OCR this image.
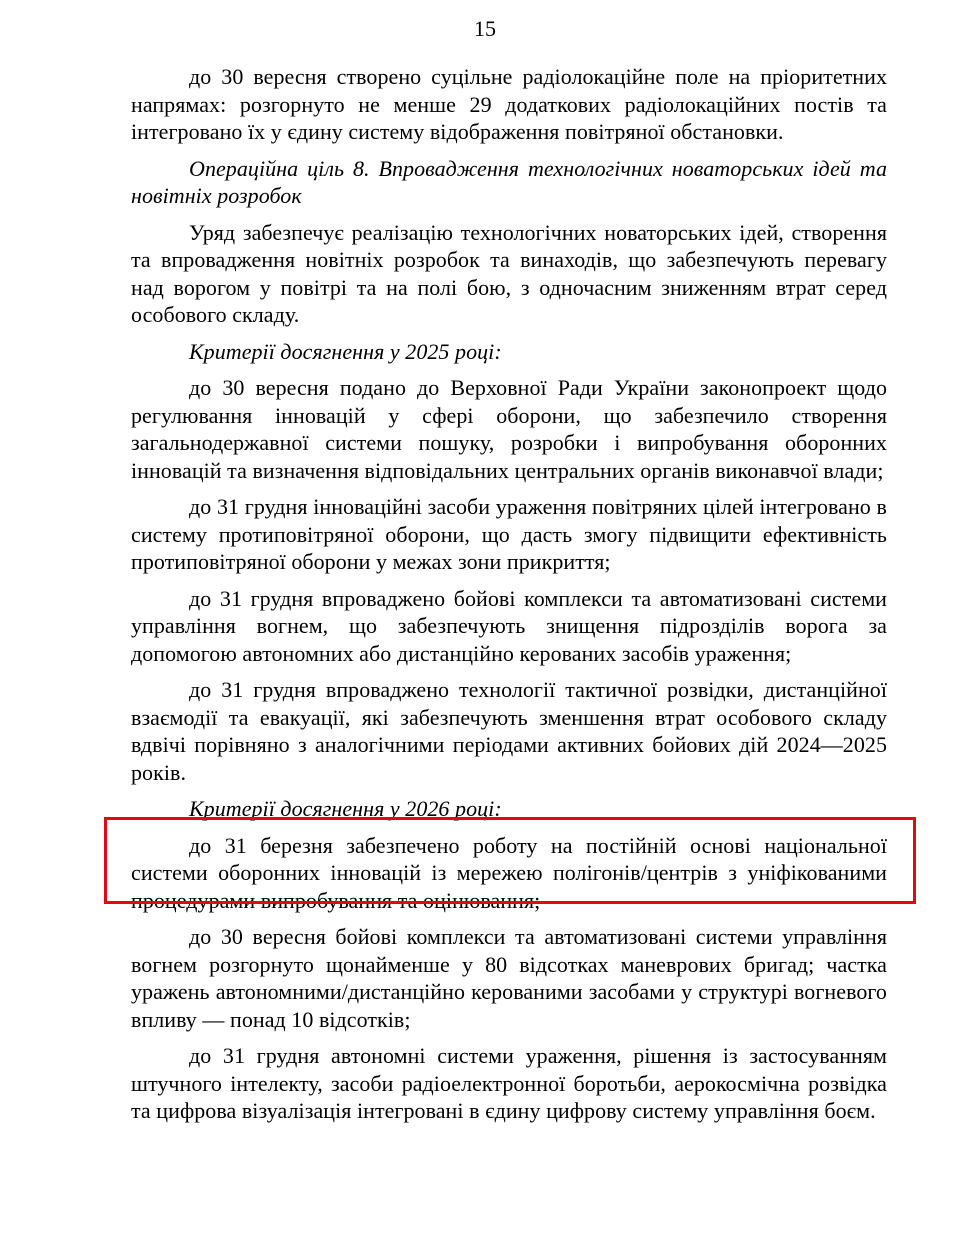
15

до 30 вересня створено суцільне радіолокаційне поле на пріоритетних напрямах: розгорнуто не менше 29 додаткових радіолокаційних постів та інтегровано їх у єдину систему відображення повітряної обстановки.

Операційна ціль 8. Впровадження технологічних новаторських ідей та новітніх розробок

Уряд забезпечує реалізацію технологічних новаторських ідей, створення та впровадження новітніх розробок та винаходів, що забезпечують перевагу над ворогом у повітрі та на полі бою, з одночасним зниженням втрат серед особового складу.

Критерії досягнення у 2025 році:

до 30 вересня подано до Верховної Ради України законопроект щодо регулювання інновацій у сфері оборони, що забезпечило створення загальнодержавної системи пошуку, розробки і випробування оборонних інновацій та визначення відповідальних центральних органів виконавчої влади;

до 31 грудня інноваційні засоби ураження повітряних цілей інтегровано в систему протиповітряної оборони, що дасть змогу підвищити ефективність протиповітряної оборони у межах зони прикриття;

до 31 грудня впроваджено бойові комплекси та автоматизовані системи управління вогнем, що забезпечують знищення підрозділів ворога за допомогою автономних або дистанційно керованих засобів ураження;

до 31 грудня впроваджено технології тактичної розвідки, дистанційної взаємодії та евакуації, які забезпечують зменшення втрат особового складу вдвічі порівняно з аналогічними періодами активних бойових дій 2024—2025 років.

Критерії досягнення у 2026 році:

до 31 березня забезпечено роботу на постійній основі національної системи оборонних інновацій із мережею полігонів/центрів з уніфікованими процедурами випробування та оцінювання;

до 30 вересня бойові комплекси та автоматизовані системи управління вогнем розгорнуто щонайменше у 80 відсотках маневрових бригад; частка уражень автономними/дистанційно керованими засобами у структурі вогневого впливу — понад 10 відсотків;

до 31 грудня автономні системи ураження, рішення із застосуванням штучного інтелекту, засоби радіоелектронної боротьби, аерокосмічна розвідка та цифрова візуалізація інтегровані в єдину цифрову систему управління боєм.
